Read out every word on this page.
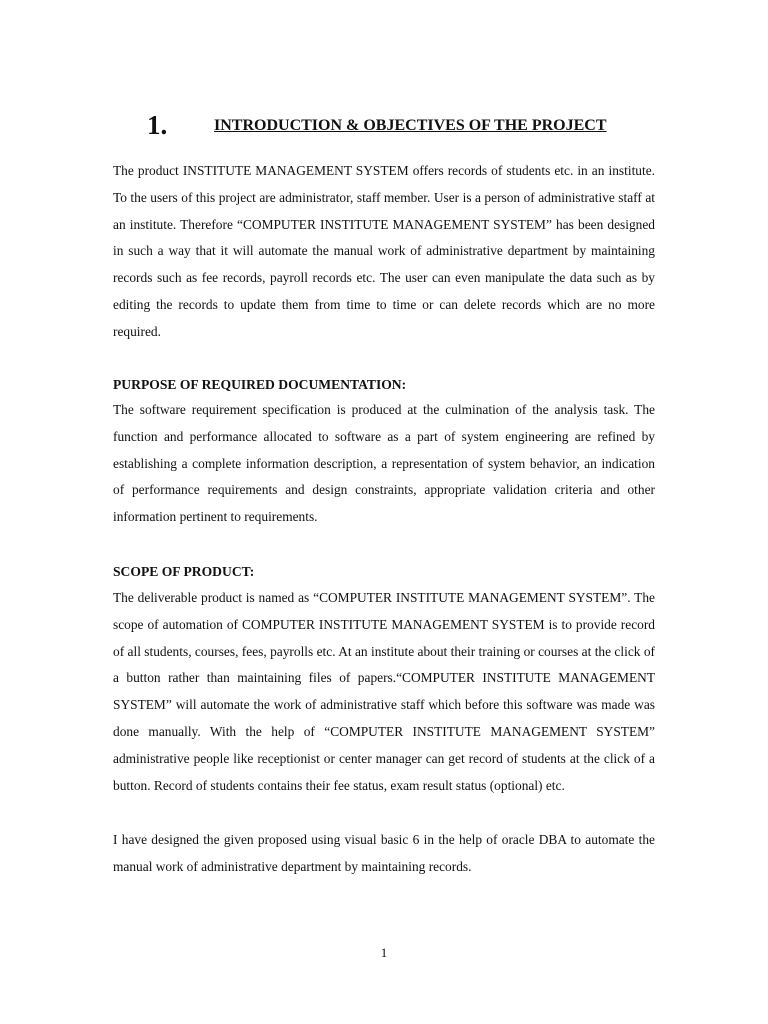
1.	INTRODUCTION & OBJECTIVES OF THE PROJECT

The product INSTITUTE MANAGEMENT SYSTEM offers records of students etc. in an institute. To the users of this project are administrator, staff member. User is a person of administrative staff at an institute. Therefore “COMPUTER INSTITUTE MANAGEMENT SYSTEM” has been designed in such a way that it will automate the manual work of administrative department by maintaining records such as fee records, payroll records etc. The user can even manipulate the data such as by editing the records to update them from time to time or can delete records which are no more required.

PURPOSE OF REQUIRED DOCUMENTATION:

The software requirement specification is produced at the culmination of the analysis task. The function and performance allocated to software as a part of system engineering are refined by establishing a complete information description, a representation of system behavior, an indication of performance requirements and design constraints, appropriate validation criteria and other information pertinent to requirements.

SCOPE OF PRODUCT:

The deliverable product is named as “COMPUTER INSTITUTE MANAGEMENT SYSTEM”. The scope of automation of COMPUTER INSTITUTE MANAGEMENT SYSTEM is to provide record of all students, courses, fees, payrolls etc. At an institute about their training or courses at the click of a button rather than maintaining files of papers.“COMPUTER INSTITUTE MANAGEMENT SYSTEM” will automate the work of administrative staff which before this software was made was done manually. With the help of “COMPUTER INSTITUTE MANAGEMENT SYSTEM” administrative people like receptionist or center manager can get record of students at the click of a button. Record of students contains their fee status, exam result status (optional) etc.

I have designed the given proposed using visual basic 6 in the help of oracle DBA to automate the manual work of administrative department by maintaining records.

1
